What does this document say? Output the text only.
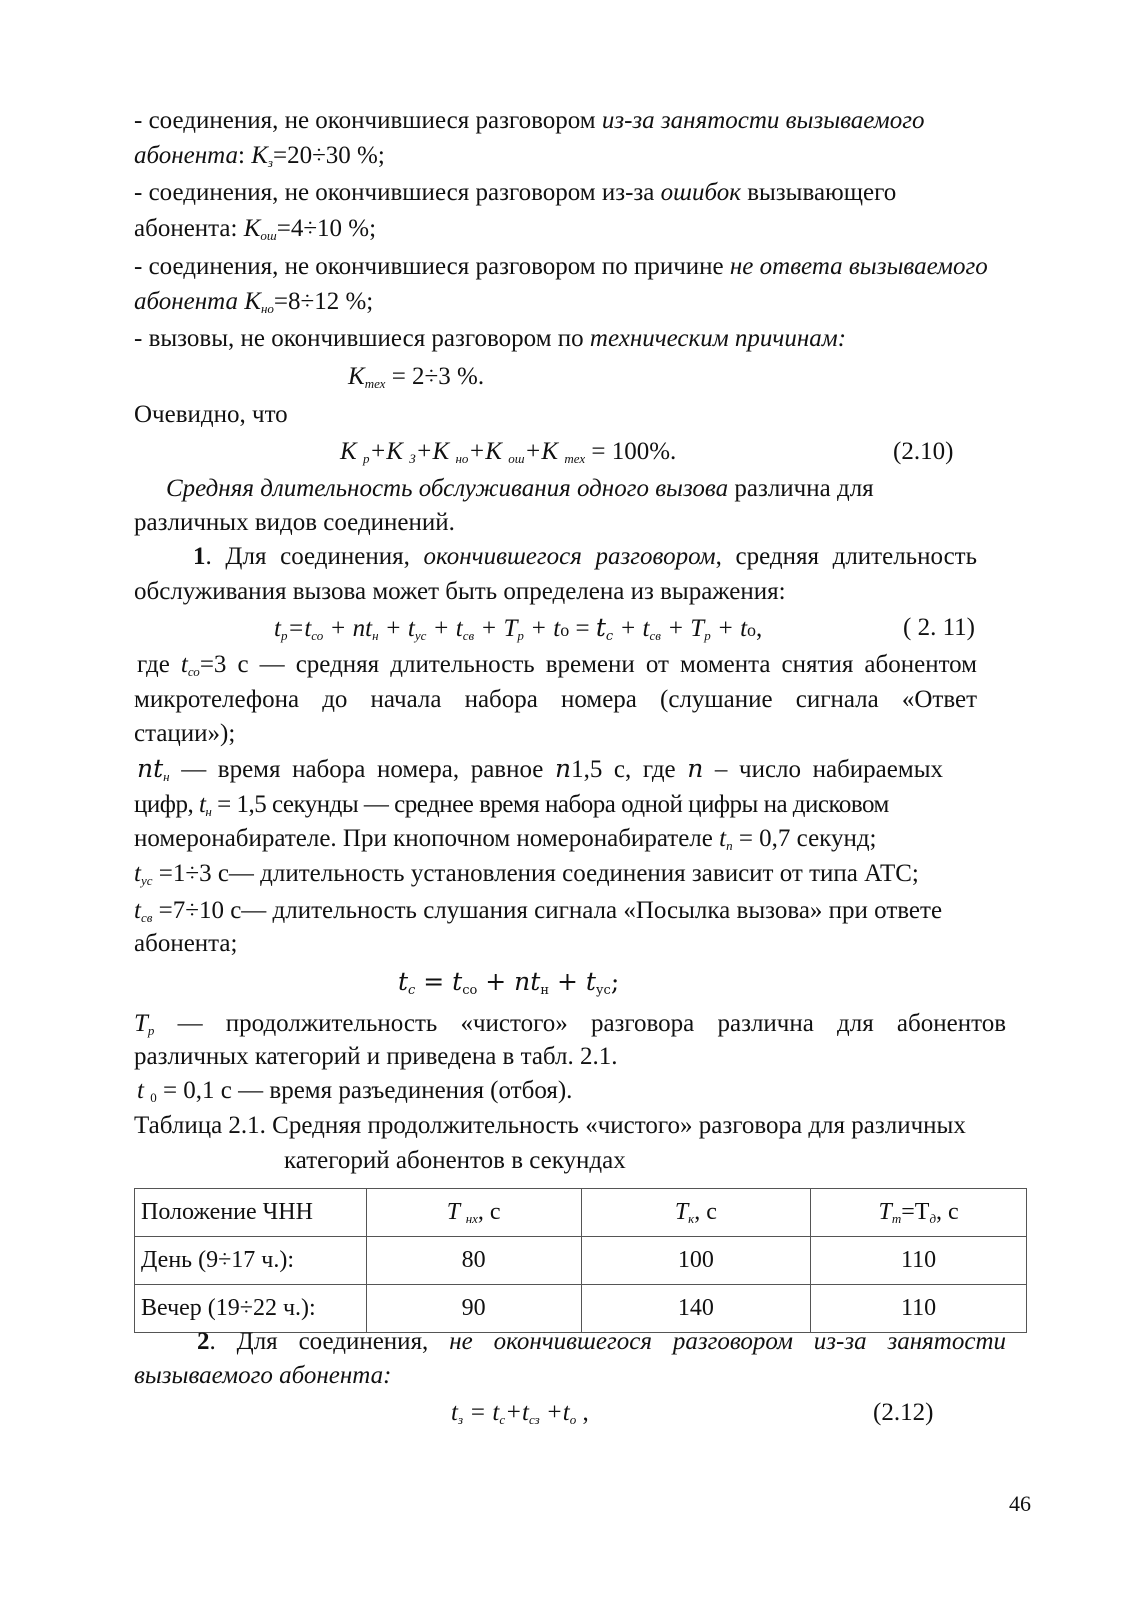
- соединения, не окончившиеся разговором из-за занятости вызываемого
абонента: $K_з=20\div 30$ %;
- соединения, не окончившиеся разговором из-за ошибок вызывающего
абонента: $K_{ош}=4\div 10$ %;
- соединения, не окончившиеся разговором по причине не ответа вызываемого
абонента $K_{но}=8\div 12$ %;
- вызовы, не окончившиеся разговором по техническим причинам:
$K_{тех} = 2\div 3$ %.
Очевидно, что
K $_р$+K $_З$+K $_{но}$+K $_{ош}$+K $_{тех}$ = 100%.	(2.10)
Средняя длительность обслуживания одного вызова различна для
различных видов соединений.
1. Для соединения, окончившегося разговором, средняя длительность
обслуживания вызова может быть определена из выражения:
$t_р=t_{со} + nt_н + t_{ус} + t_{св} + T_р$ + tо = $t_c + t_{св} + T_р$ + tо,	( 2. 11)
где $t_{со}=3$ с — средняя длительность времени от момента снятия абонентом
микротелефона до начала набора номера (слушание сигнала «Ответ
стации»);
$nt_н$ — время набора номера, равное n1,5 с, где n – число набираемых
цифр, $t_н = 1,5$ секунды — среднее время набора одной цифры на дисковом
номеронабирателе. При кнопочном номеронабирателе $t_п = 0,7$ секунд;
$t_{ус} =1\div 3$ с— длительность установления соединения зависит от типа АТС;
$t_{св} =7\div 10$ с— длительность слушания сигнала «Посылка вызова» при ответе
абонента;
$t_c = t_{со} + nt_н + t_{ус}$;
$T_р$ — продолжительность «чистого» разговора различна для абонентов
различных категорий и приведена в табл. 2.1.
t $_0$ = 0,1 с — время разъединения (отбоя).
Таблица 2.1. Средняя продолжительность «чистого» разговора для различных
категорий абонентов в секундах
Положение ЧНН	T $_{нх}$, с	$T_к$, с	$T_т=T_д$, с
День (9÷17 ч.):	80	100	110
Вечер (19÷22 ч.):	90	140	110
2. Для соединения, не окончившегося разговором из-за занятости
вызываемого абонента:
$t_з = t_с+t_{сз} +t_о$ ,	(2.12)
46
